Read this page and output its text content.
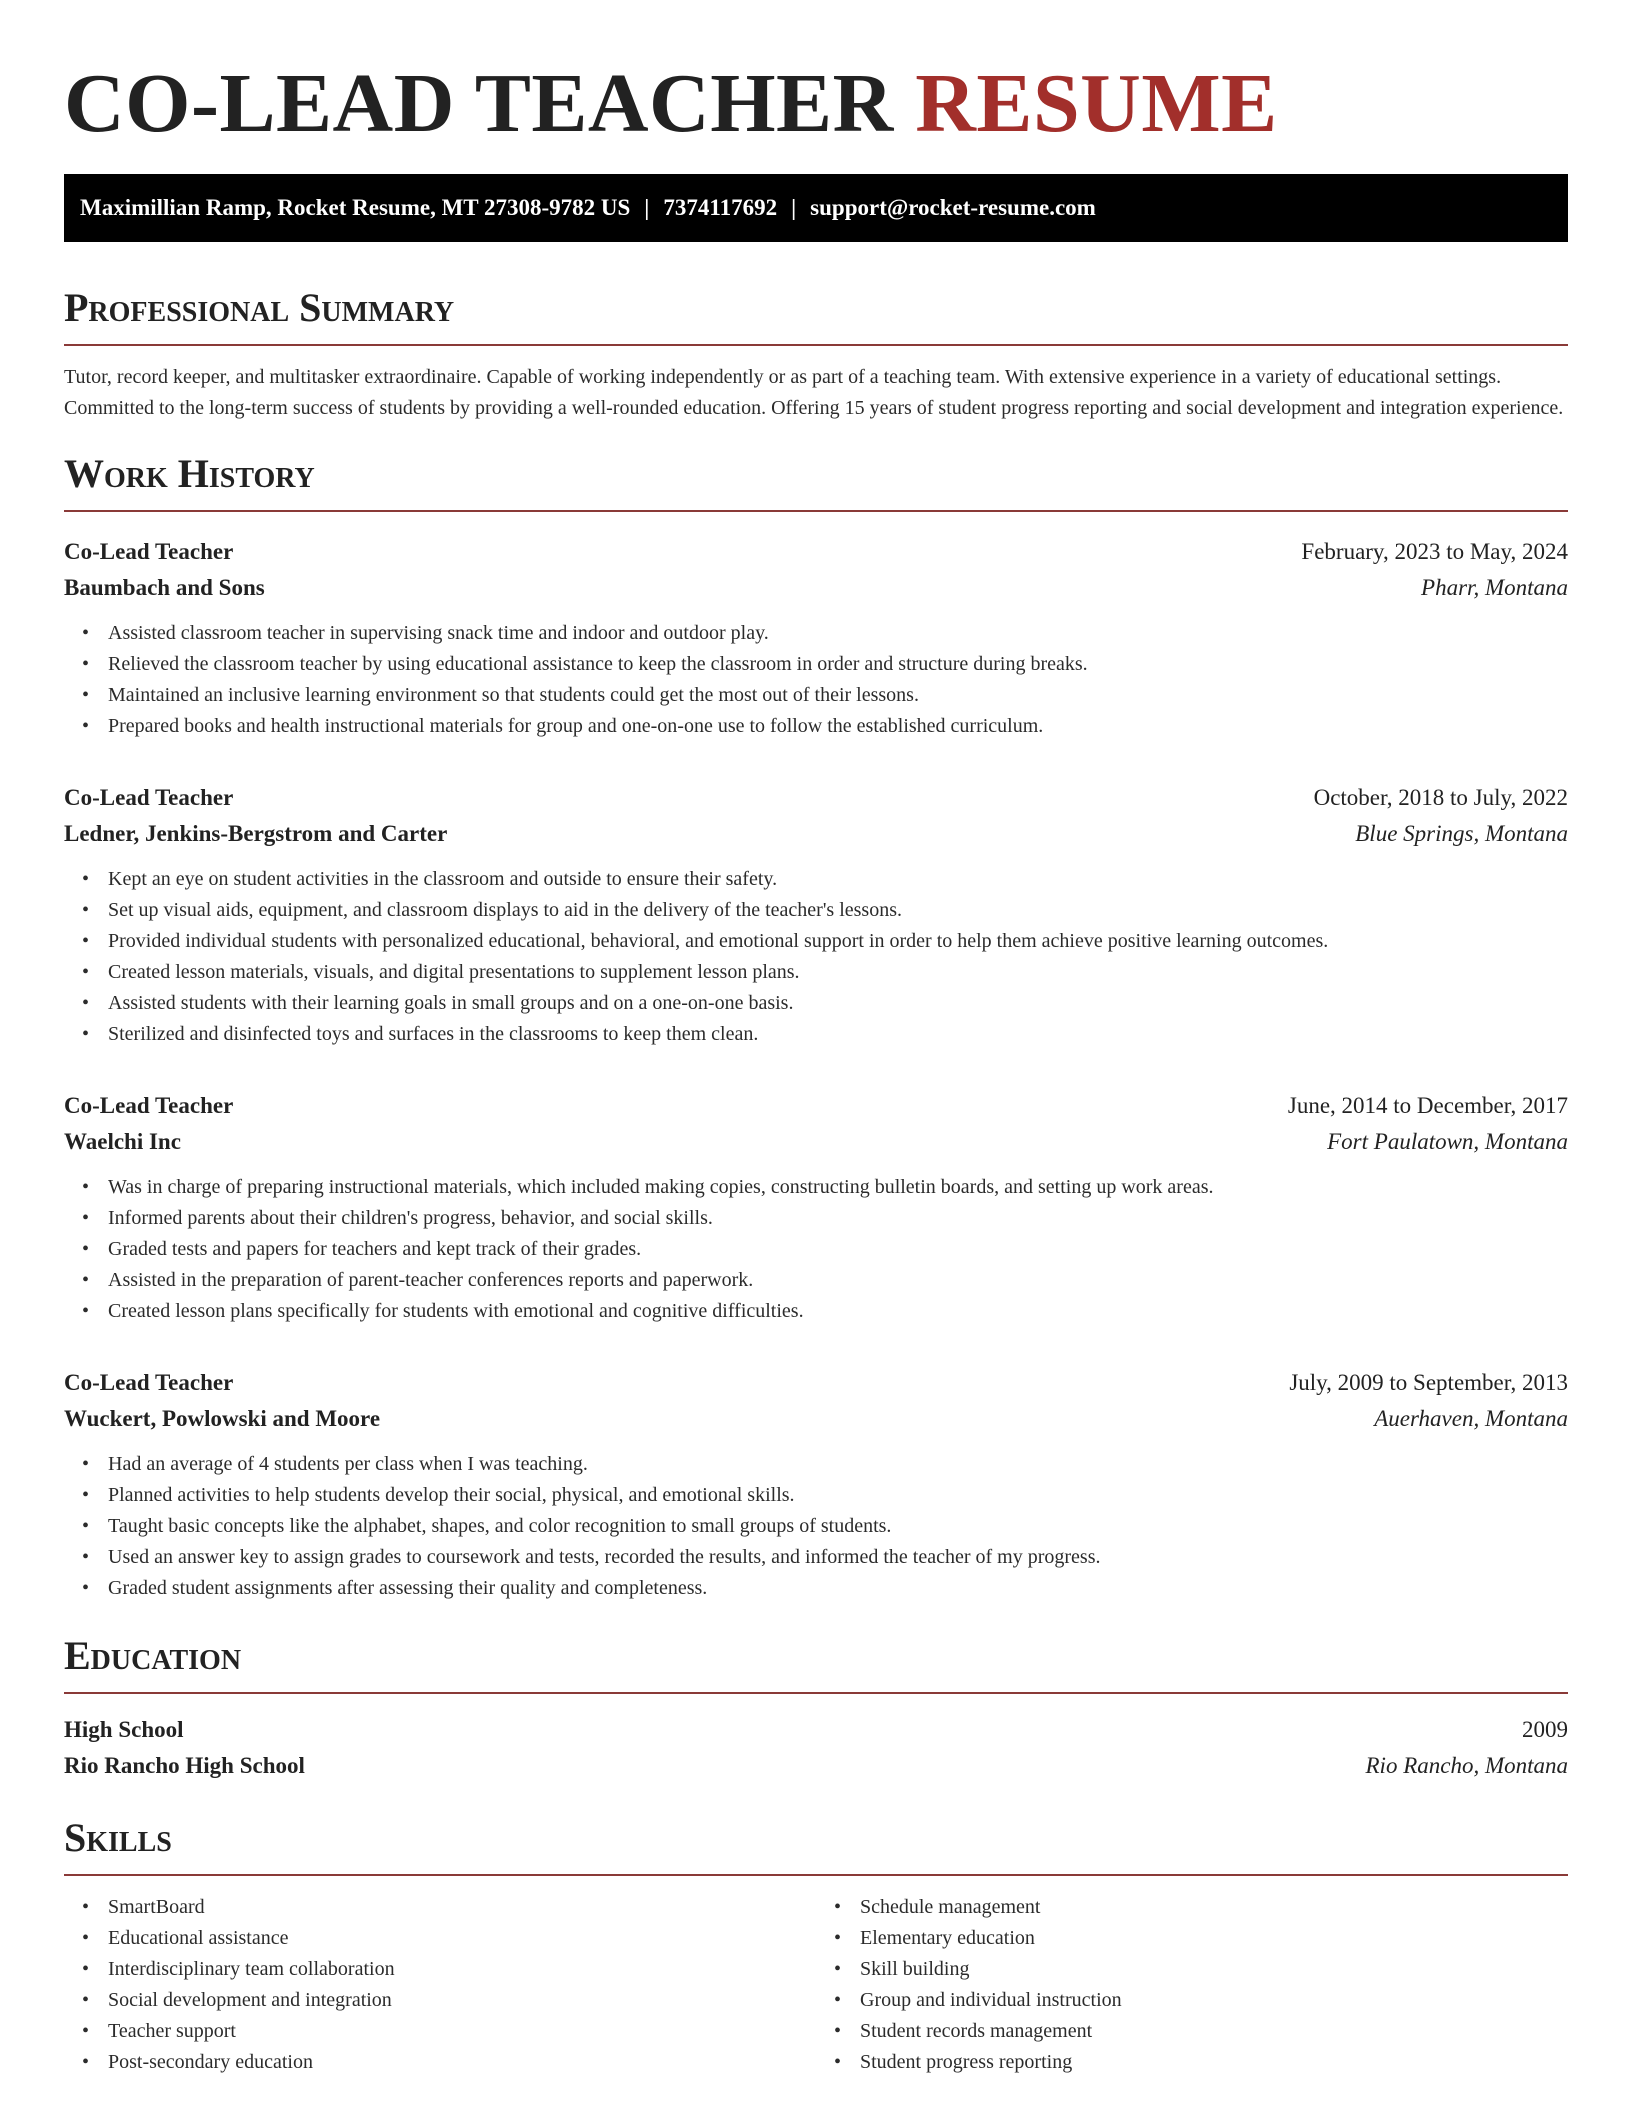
CO-LEAD TEACHER RESUME
Maximillian Ramp, Rocket Resume, MT 27308-9782 US | 7374117692 | support@rocket-resume.com
Professional Summary

Tutor, record keeper, and multitasker extraordinaire. Capable of working independently or as part of a teaching team. With extensive experience in a variety of educational settings. Committed to the long-term success of students by providing a well-rounded education. Offering 15 years of student progress reporting and social development and integration experience.

Work History
Co-Lead Teacher	February, 2023 to May, 2024
Baumbach and Sons	Pharr, Montana
• Assisted classroom teacher in supervising snack time and indoor and outdoor play.
• Relieved the classroom teacher by using educational assistance to keep the classroom in order and structure during breaks.
• Maintained an inclusive learning environment so that students could get the most out of their lessons.
• Prepared books and health instructional materials for group and one-on-one use to follow the established curriculum.
Co-Lead Teacher	October, 2018 to July, 2022
Ledner, Jenkins-Bergstrom and Carter	Blue Springs, Montana
• Kept an eye on student activities in the classroom and outside to ensure their safety.
• Set up visual aids, equipment, and classroom displays to aid in the delivery of the teacher's lessons.
• Provided individual students with personalized educational, behavioral, and emotional support in order to help them achieve positive learning outcomes.
• Created lesson materials, visuals, and digital presentations to supplement lesson plans.
• Assisted students with their learning goals in small groups and on a one-on-one basis.
• Sterilized and disinfected toys and surfaces in the classrooms to keep them clean.
Co-Lead Teacher	June, 2014 to December, 2017
Waelchi Inc	Fort Paulatown, Montana
• Was in charge of preparing instructional materials, which included making copies, constructing bulletin boards, and setting up work areas.
• Informed parents about their children's progress, behavior, and social skills.
• Graded tests and papers for teachers and kept track of their grades.
• Assisted in the preparation of parent-teacher conferences reports and paperwork.
• Created lesson plans specifically for students with emotional and cognitive difficulties.
Co-Lead Teacher	July, 2009 to September, 2013
Wuckert, Powlowski and Moore	Auerhaven, Montana
• Had an average of 4 students per class when I was teaching.
• Planned activities to help students develop their social, physical, and emotional skills.
• Taught basic concepts like the alphabet, shapes, and color recognition to small groups of students.
• Used an answer key to assign grades to coursework and tests, recorded the results, and informed the teacher of my progress.
• Graded student assignments after assessing their quality and completeness.
Education
High School	2009
Rio Rancho High School	Rio Rancho, Montana
Skills
• SmartBoard
• Educational assistance
• Interdisciplinary team collaboration
• Social development and integration
• Teacher support
• Post-secondary education
• Schedule management
• Elementary education
• Skill building
• Group and individual instruction
• Student records management
• Student progress reporting
